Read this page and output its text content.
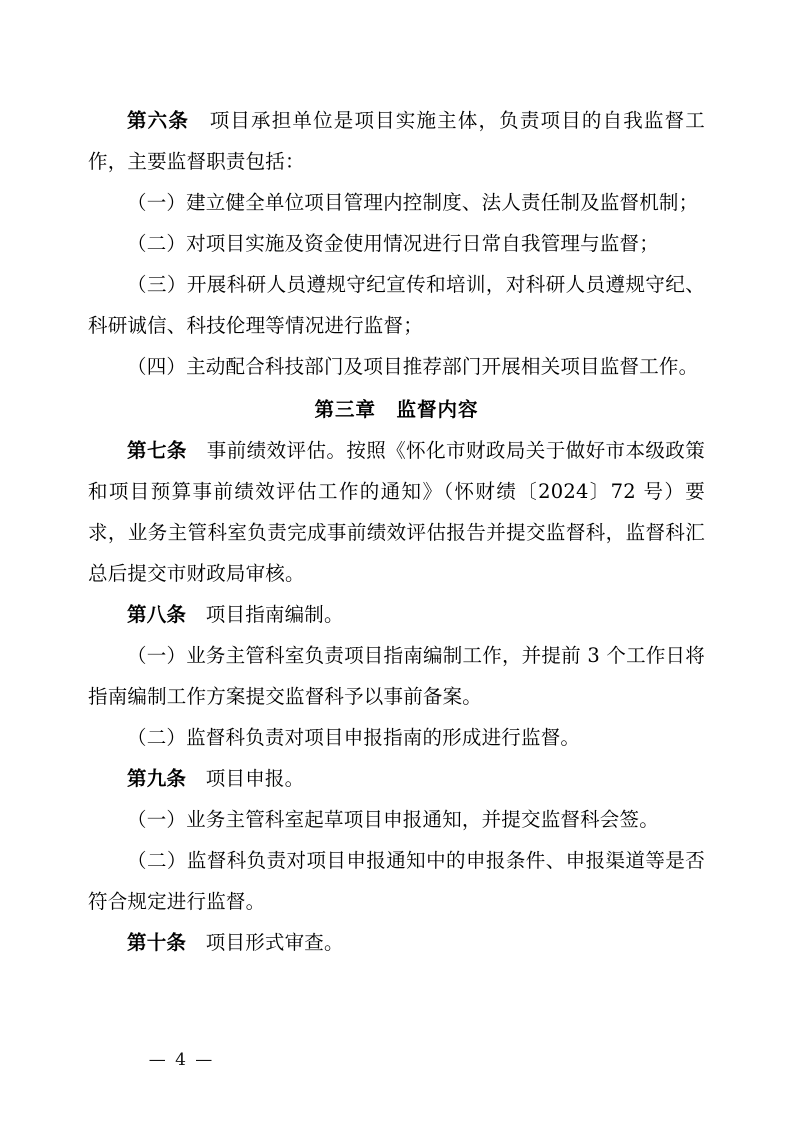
第六条　项目承担单位是项目实施主体，负责项目的自我监督工作，主要监督职责包括：

（一）建立健全单位项目管理内控制度、法人责任制及监督机制；

（二）对项目实施及资金使用情况进行日常自我管理与监督；

（三）开展科研人员遵规守纪宣传和培训，对科研人员遵规守纪、科研诚信、科技伦理等情况进行监督；

（四）主动配合科技部门及项目推荐部门开展相关项目监督工作。

第三章　监督内容

第七条　事前绩效评估。按照《怀化市财政局关于做好市本级政策和项目预算事前绩效评估工作的通知》（怀财绩〔2024〕72 号）要求，业务主管科室负责完成事前绩效评估报告并提交监督科，监督科汇总后提交市财政局审核。

第八条　项目指南编制。

（一）业务主管科室负责项目指南编制工作，并提前 3 个工作日将指南编制工作方案提交监督科予以事前备案。

（二）监督科负责对项目申报指南的形成进行监督。

第九条　项目申报。

（一）业务主管科室起草项目申报通知，并提交监督科会签。

（二）监督科负责对项目申报通知中的申报条件、申报渠道等是否符合规定进行监督。

第十条　项目形式审查。

— 4 —
